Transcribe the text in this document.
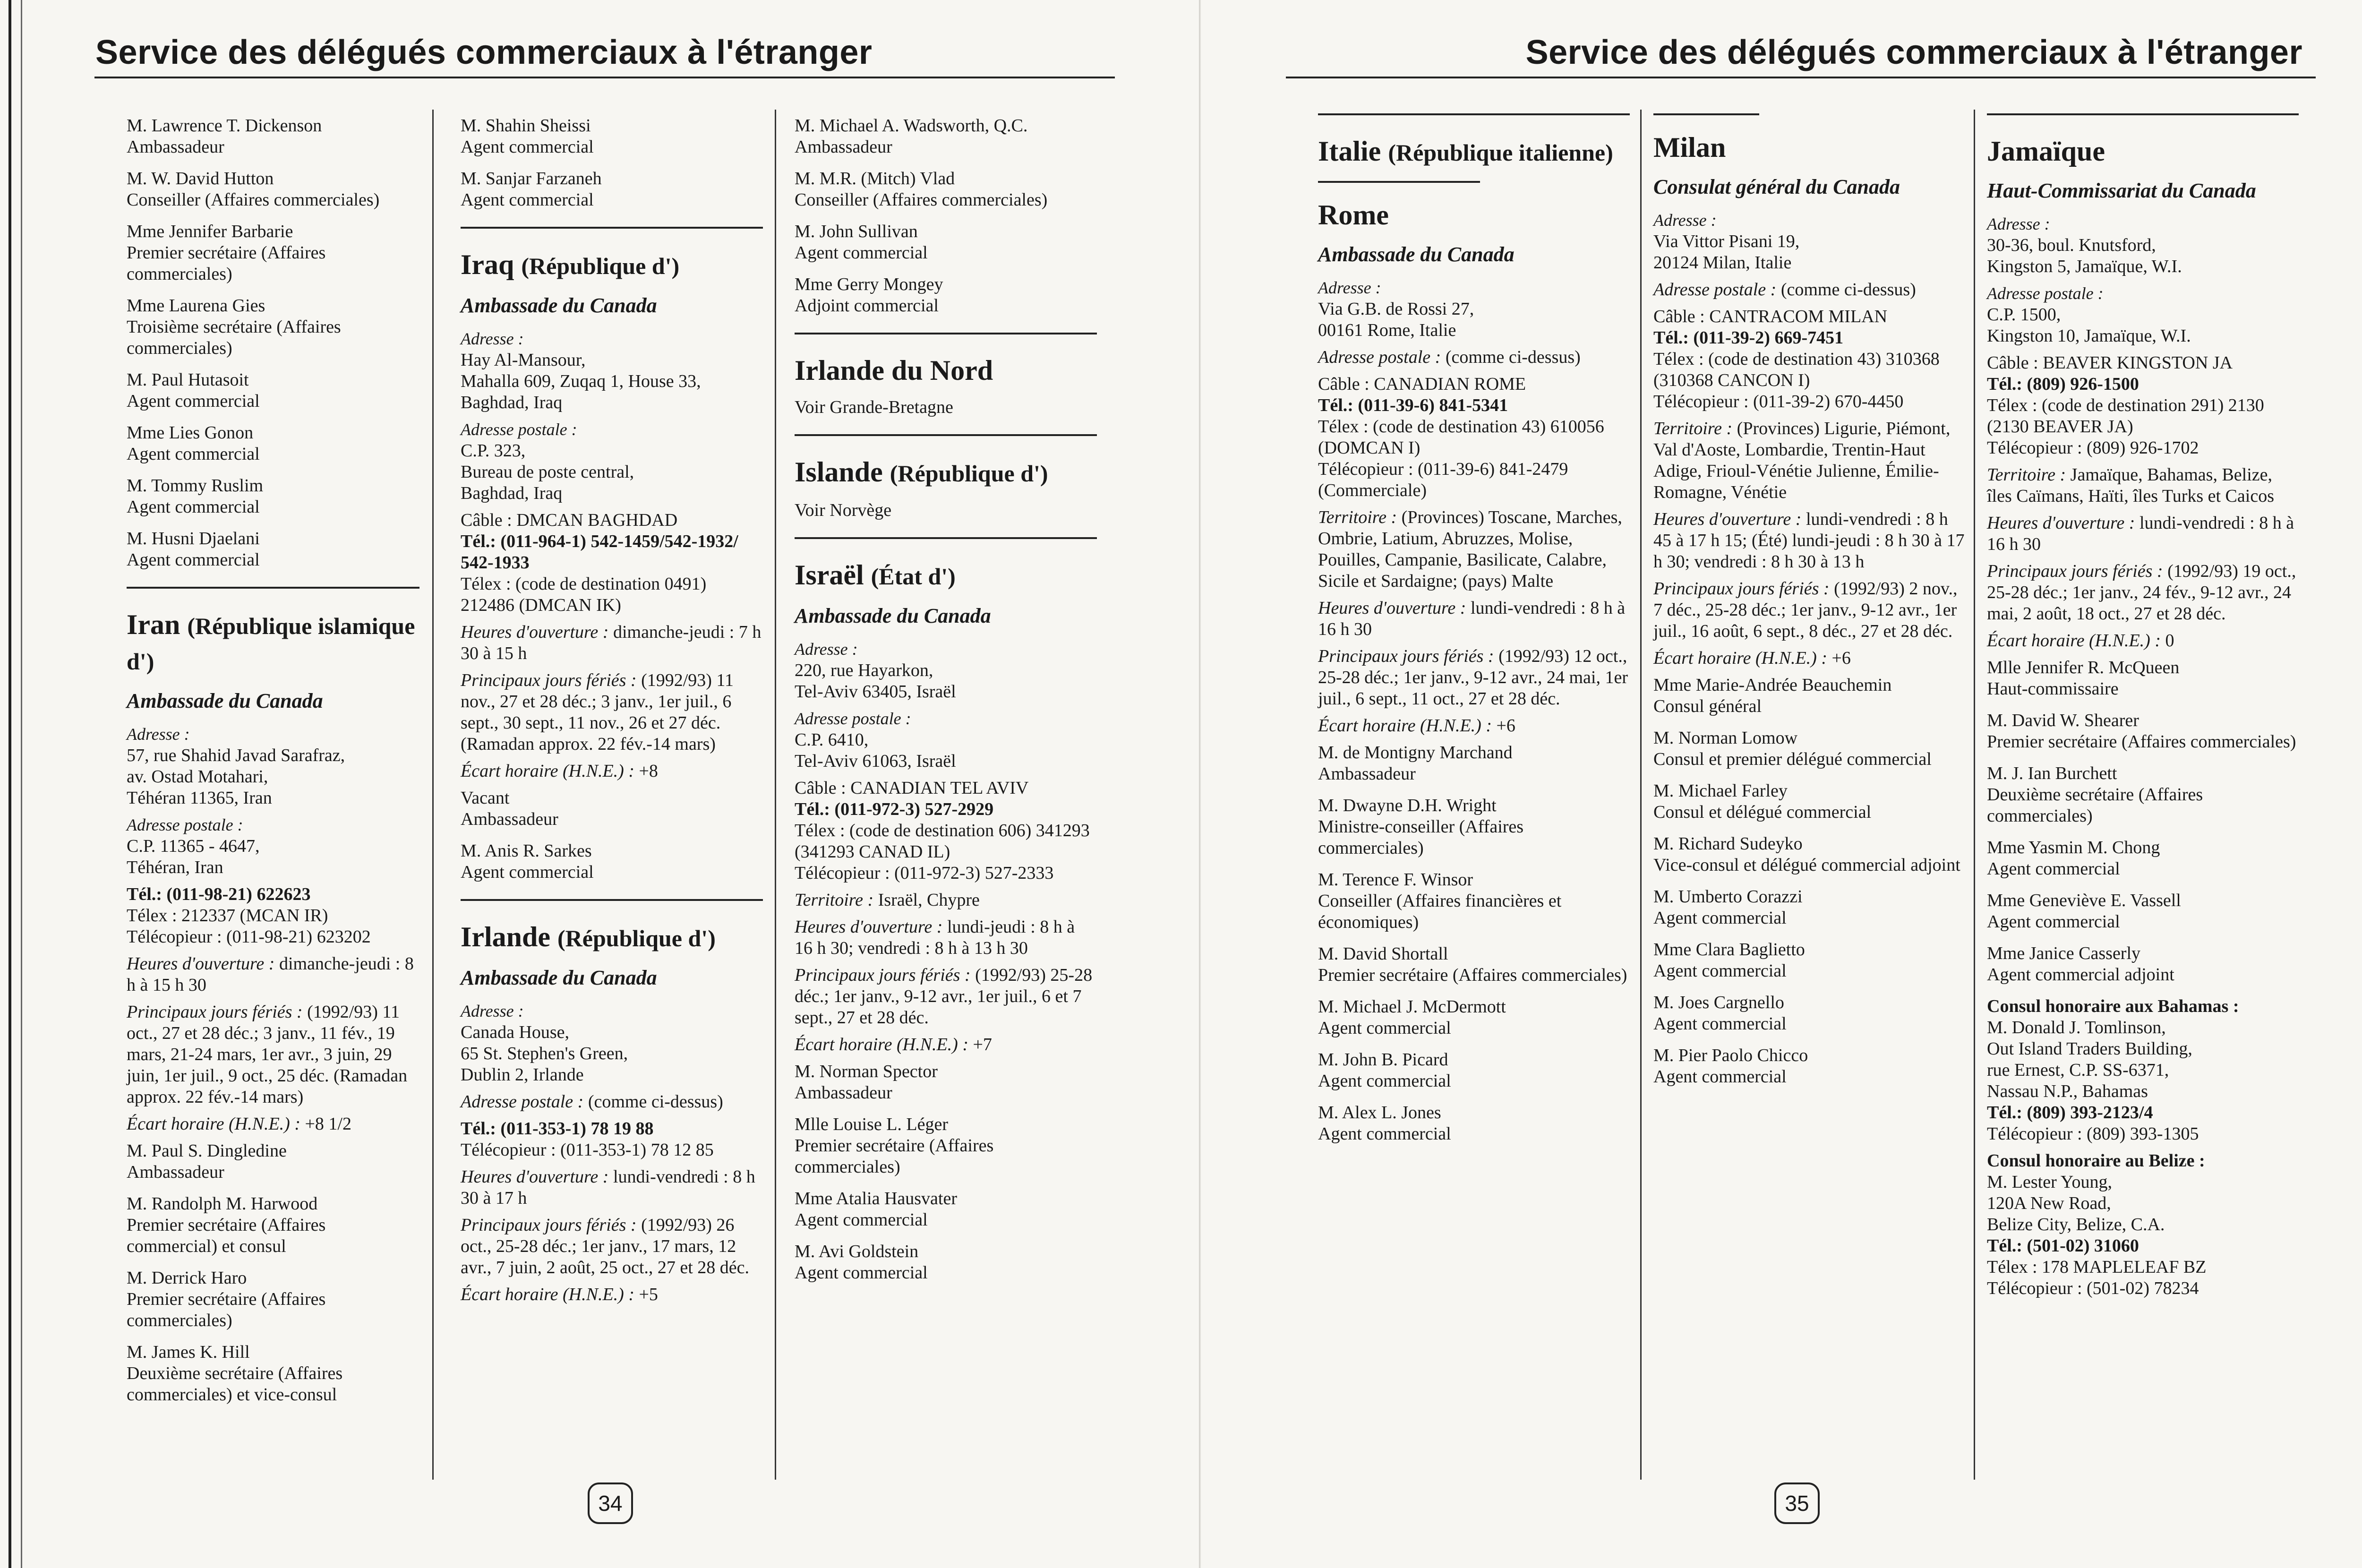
Service des délégués commerciaux à l'étranger
M. Lawrence T. Dickenson
Ambassadeur
M. W. David Hutton
Conseiller (Affaires commerciales)
Mme Jennifer Barbarie
Premier secrétaire (Affaires commerciales)
Mme Laurena Gies
Troisième secrétaire (Affaires commerciales)
M. Paul Hutasoit
Agent commercial
Mme Lies Gonon
Agent commercial
M. Tommy Ruslim
Agent commercial
M. Husni Djaelani
Agent commercial
Iran (République islamique d')
Ambassade du Canada
Adresse :
57, rue Shahid Javad Sarafraz,
av. Ostad Motahari,
Téhéran 11365, Iran
Adresse postale :
C.P. 11365 - 4647,
Téhéran, Iran
Tél.: (011-98-21) 622623
Télex : 212337 (MCAN IR)
Télécopieur : (011-98-21) 623202
Heures d'ouverture : dimanche-jeudi : 8 h à 15 h 30
Principaux jours fériés : (1992/93) 11 oct., 27 et 28 déc.; 3 janv., 11 fév., 19 mars, 21-24 mars, 1er avr., 3 juin, 29 juin, 1er juil., 9 oct., 25 déc. (Ramadan approx. 22 fév.-14 mars)
Écart horaire (H.N.E.) : +8 1/2
M. Paul S. Dingledine
Ambassadeur
M. Randolph M. Harwood
Premier secrétaire (Affaires commercial) et consul
M. Derrick Haro
Premier secrétaire (Affaires commerciales)
M. James K. Hill
Deuxième secrétaire (Affaires commerciales) et vice-consul
M. Shahin Sheissi
Agent commercial
M. Sanjar Farzaneh
Agent commercial
Iraq (République d')
Ambassade du Canada
Adresse :
Hay Al-Mansour,
Mahalla 609, Zuqaq 1, House 33,
Baghdad, Iraq
Adresse postale :
C.P. 323,
Bureau de poste central,
Baghdad, Iraq
Câble : DMCAN BAGHDAD
Tél.: (011-964-1) 542-1459/542-1932/ 542-1933
Télex : (code de destination 0491) 212486 (DMCAN IK)
Heures d'ouverture : dimanche-jeudi : 7 h 30 à 15 h
Principaux jours fériés : (1992/93) 11 nov., 27 et 28 déc.; 3 janv., 1er juil., 6 sept., 30 sept., 11 nov., 26 et 27 déc. (Ramadan approx. 22 fév.-14 mars)
Écart horaire (H.N.E.) : +8
Vacant
Ambassadeur
M. Anis R. Sarkes
Agent commercial
Irlande (République d')
Ambassade du Canada
Adresse :
Canada House,
65 St. Stephen's Green,
Dublin 2, Irlande
Adresse postale : (comme ci-dessus)
Tél.: (011-353-1) 78 19 88
Télécopieur : (011-353-1) 78 12 85
Heures d'ouverture : lundi-vendredi : 8 h 30 à 17 h
Principaux jours fériés : (1992/93) 26 oct., 25-28 déc.; 1er janv., 17 mars, 12 avr., 7 juin, 2 août, 25 oct., 27 et 28 déc.
Écart horaire (H.N.E.) : +5
M. Michael A. Wadsworth, Q.C.
Ambassadeur
M. M.R. (Mitch) Vlad
Conseiller (Affaires commerciales)
M. John Sullivan
Agent commercial
Mme Gerry Mongey
Adjoint commercial
Irlande du Nord
Voir Grande-Bretagne
Islande (République d')
Voir Norvège
Israël (État d')
Ambassade du Canada
Adresse :
220, rue Hayarkon,
Tel-Aviv 63405, Israël
Adresse postale :
C.P. 6410,
Tel-Aviv 61063, Israël
Câble : CANADIAN TEL AVIV
Tél.: (011-972-3) 527-2929
Télex : (code de destination 606) 341293 (341293 CANAD IL)
Télécopieur : (011-972-3) 527-2333
Territoire : Israël, Chypre
Heures d'ouverture : lundi-jeudi : 8 h à 16 h 30; vendredi : 8 h à 13 h 30
Principaux jours fériés : (1992/93) 25-28 déc.; 1er janv., 9-12 avr., 1er juil., 6 et 7 sept., 27 et 28 déc.
Écart horaire (H.N.E.) : +7
M. Norman Spector
Ambassadeur
Mlle Louise L. Léger
Premier secrétaire (Affaires commerciales)
Mme Atalia Hausvater
Agent commercial
M. Avi Goldstein
Agent commercial
34
Service des délégués commerciaux à l'étranger
Italie (République italienne)
Rome
Ambassade du Canada
Adresse :
Via G.B. de Rossi 27,
00161 Rome, Italie
Adresse postale : (comme ci-dessus)
Câble : CANADIAN ROME
Tél.: (011-39-6) 841-5341
Télex : (code de destination 43) 610056 (DOMCAN I)
Télécopieur : (011-39-6) 841-2479 (Commerciale)
Territoire : (Provinces) Toscane, Marches, Ombrie, Latium, Abruzzes, Molise, Pouilles, Campanie, Basilicate, Calabre, Sicile et Sardaigne; (pays) Malte
Heures d'ouverture : lundi-vendredi : 8 h à 16 h 30
Principaux jours fériés : (1992/93) 12 oct., 25-28 déc.; 1er janv., 9-12 avr., 24 mai, 1er juil., 6 sept., 11 oct., 27 et 28 déc.
Écart horaire (H.N.E.) : +6
M. de Montigny Marchand
Ambassadeur
M. Dwayne D.H. Wright
Ministre-conseiller (Affaires commerciales)
M. Terence F. Winsor
Conseiller (Affaires financières et économiques)
M. David Shortall
Premier secrétaire (Affaires commerciales)
M. Michael J. McDermott
Agent commercial
M. John B. Picard
Agent commercial
M. Alex L. Jones
Agent commercial
Milan
Consulat général du Canada
Adresse :
Via Vittor Pisani 19,
20124 Milan, Italie
Adresse postale : (comme ci-dessus)
Câble : CANTRACOM MILAN
Tél.: (011-39-2) 669-7451
Télex : (code de destination 43) 310368 (310368 CANCON I)
Télécopieur : (011-39-2) 670-4450
Territoire : (Provinces) Ligurie, Piémont, Val d'Aoste, Lombardie, Trentin-Haut Adige, Frioul-Vénétie Julienne, Émilie-Romagne, Vénétie
Heures d'ouverture : lundi-vendredi : 8 h 45 à 17 h 15; (Été) lundi-jeudi : 8 h 30 à 17 h 30; vendredi : 8 h 30 à 13 h
Principaux jours fériés : (1992/93) 2 nov., 7 déc., 25-28 déc.; 1er janv., 9-12 avr., 1er juil., 16 août, 6 sept., 8 déc., 27 et 28 déc.
Écart horaire (H.N.E.) : +6
Mme Marie-Andrée Beauchemin
Consul général
M. Norman Lomow
Consul et premier délégué commercial
M. Michael Farley
Consul et délégué commercial
M. Richard Sudeyko
Vice-consul et délégué commercial adjoint
M. Umberto Corazzi
Agent commercial
Mme Clara Baglietto
Agent commercial
M. Joes Cargnello
Agent commercial
M. Pier Paolo Chicco
Agent commercial
Jamaïque
Haut-Commissariat du Canada
Adresse :
30-36, boul. Knutsford,
Kingston 5, Jamaïque, W.I.
Adresse postale :
C.P. 1500,
Kingston 10, Jamaïque, W.I.
Câble : BEAVER KINGSTON JA
Tél.: (809) 926-1500
Télex : (code de destination 291) 2130 (2130 BEAVER JA)
Télécopieur : (809) 926-1702
Territoire : Jamaïque, Bahamas, Belize, îles Caïmans, Haïti, îles Turks et Caicos
Heures d'ouverture : lundi-vendredi : 8 h à 16 h 30
Principaux jours fériés : (1992/93) 19 oct., 25-28 déc.; 1er janv., 24 fév., 9-12 avr., 24 mai, 2 août, 18 oct., 27 et 28 déc.
Écart horaire (H.N.E.) : 0
Mlle Jennifer R. McQueen
Haut-commissaire
M. David W. Shearer
Premier secrétaire (Affaires commerciales)
M. J. Ian Burchett
Deuxième secrétaire (Affaires commerciales)
Mme Yasmin M. Chong
Agent commercial
Mme Geneviève E. Vassell
Agent commercial
Mme Janice Casserly
Agent commercial adjoint
Consul honoraire aux Bahamas :
M. Donald J. Tomlinson,
Out Island Traders Building,
rue Ernest, C.P. SS-6371,
Nassau N.P., Bahamas
Tél.: (809) 393-2123/4
Télécopieur : (809) 393-1305
Consul honoraire au Belize :
M. Lester Young,
120A New Road,
Belize City, Belize, C.A.
Tél.: (501-02) 31060
Télex : 178 MAPLELEAF BZ
Télécopieur : (501-02) 78234
35
